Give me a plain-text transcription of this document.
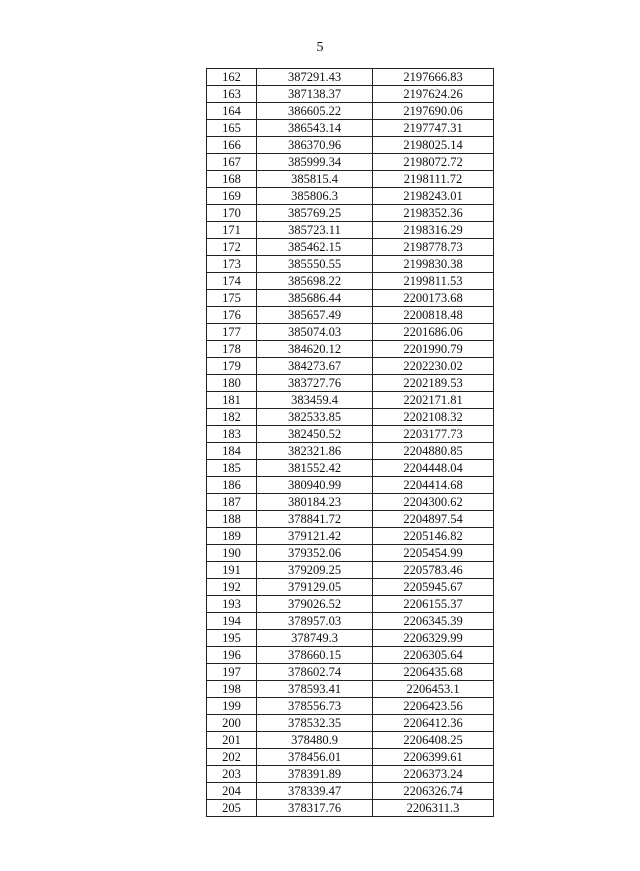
5
162	387291.43	2197666.83
163	387138.37	2197624.26
164	386605.22	2197690.06
165	386543.14	2197747.31
166	386370.96	2198025.14
167	385999.34	2198072.72
168	385815.4	2198111.72
169	385806.3	2198243.01
170	385769.25	2198352.36
171	385723.11	2198316.29
172	385462.15	2198778.73
173	385550.55	2199830.38
174	385698.22	2199811.53
175	385686.44	2200173.68
176	385657.49	2200818.48
177	385074.03	2201686.06
178	384620.12	2201990.79
179	384273.67	2202230.02
180	383727.76	2202189.53
181	383459.4	2202171.81
182	382533.85	2202108.32
183	382450.52	2203177.73
184	382321.86	2204880.85
185	381552.42	2204448.04
186	380940.99	2204414.68
187	380184.23	2204300.62
188	378841.72	2204897.54
189	379121.42	2205146.82
190	379352.06	2205454.99
191	379209.25	2205783.46
192	379129.05	2205945.67
193	379026.52	2206155.37
194	378957.03	2206345.39
195	378749.3	2206329.99
196	378660.15	2206305.64
197	378602.74	2206435.68
198	378593.41	2206453.1
199	378556.73	2206423.56
200	378532.35	2206412.36
201	378480.9	2206408.25
202	378456.01	2206399.61
203	378391.89	2206373.24
204	378339.47	2206326.74
205	378317.76	2206311.3
